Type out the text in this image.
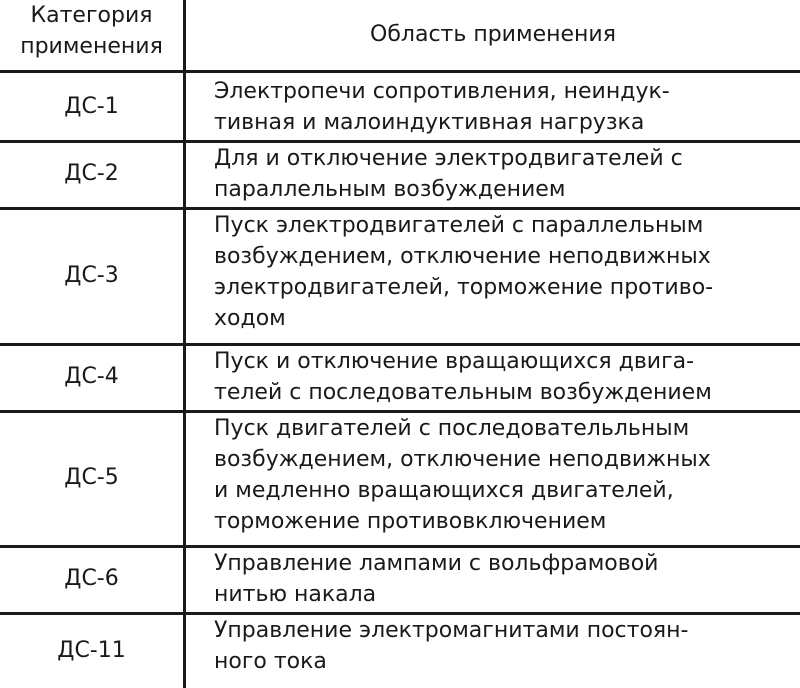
Категория
применения	Область применения
ДС-1
Электропечи сопротивления, неиндук-
тивная и малоиндуктивная нагрузка
ДС-2
Для и отключение электродвигателей с
параллельным возбуждением
ДС-3
Пуск электродвигателей с параллельным
возбуждением, отключение неподвижных
электродвигателей, торможение противо-
ходом
ДС-4
Пуск и отключение вращающихся двига-
телей с последовательным возбуждением
ДС-5
Пуск двигателей с последовательльным
возбуждением, отключение неподвижных
и медленно вращающихся двигателей,
торможение противовключением
ДС-6
Управление лампами с вольфрамовой
нитью накала
ДС-11
Управление электромагнитами постоян-
ного тока
